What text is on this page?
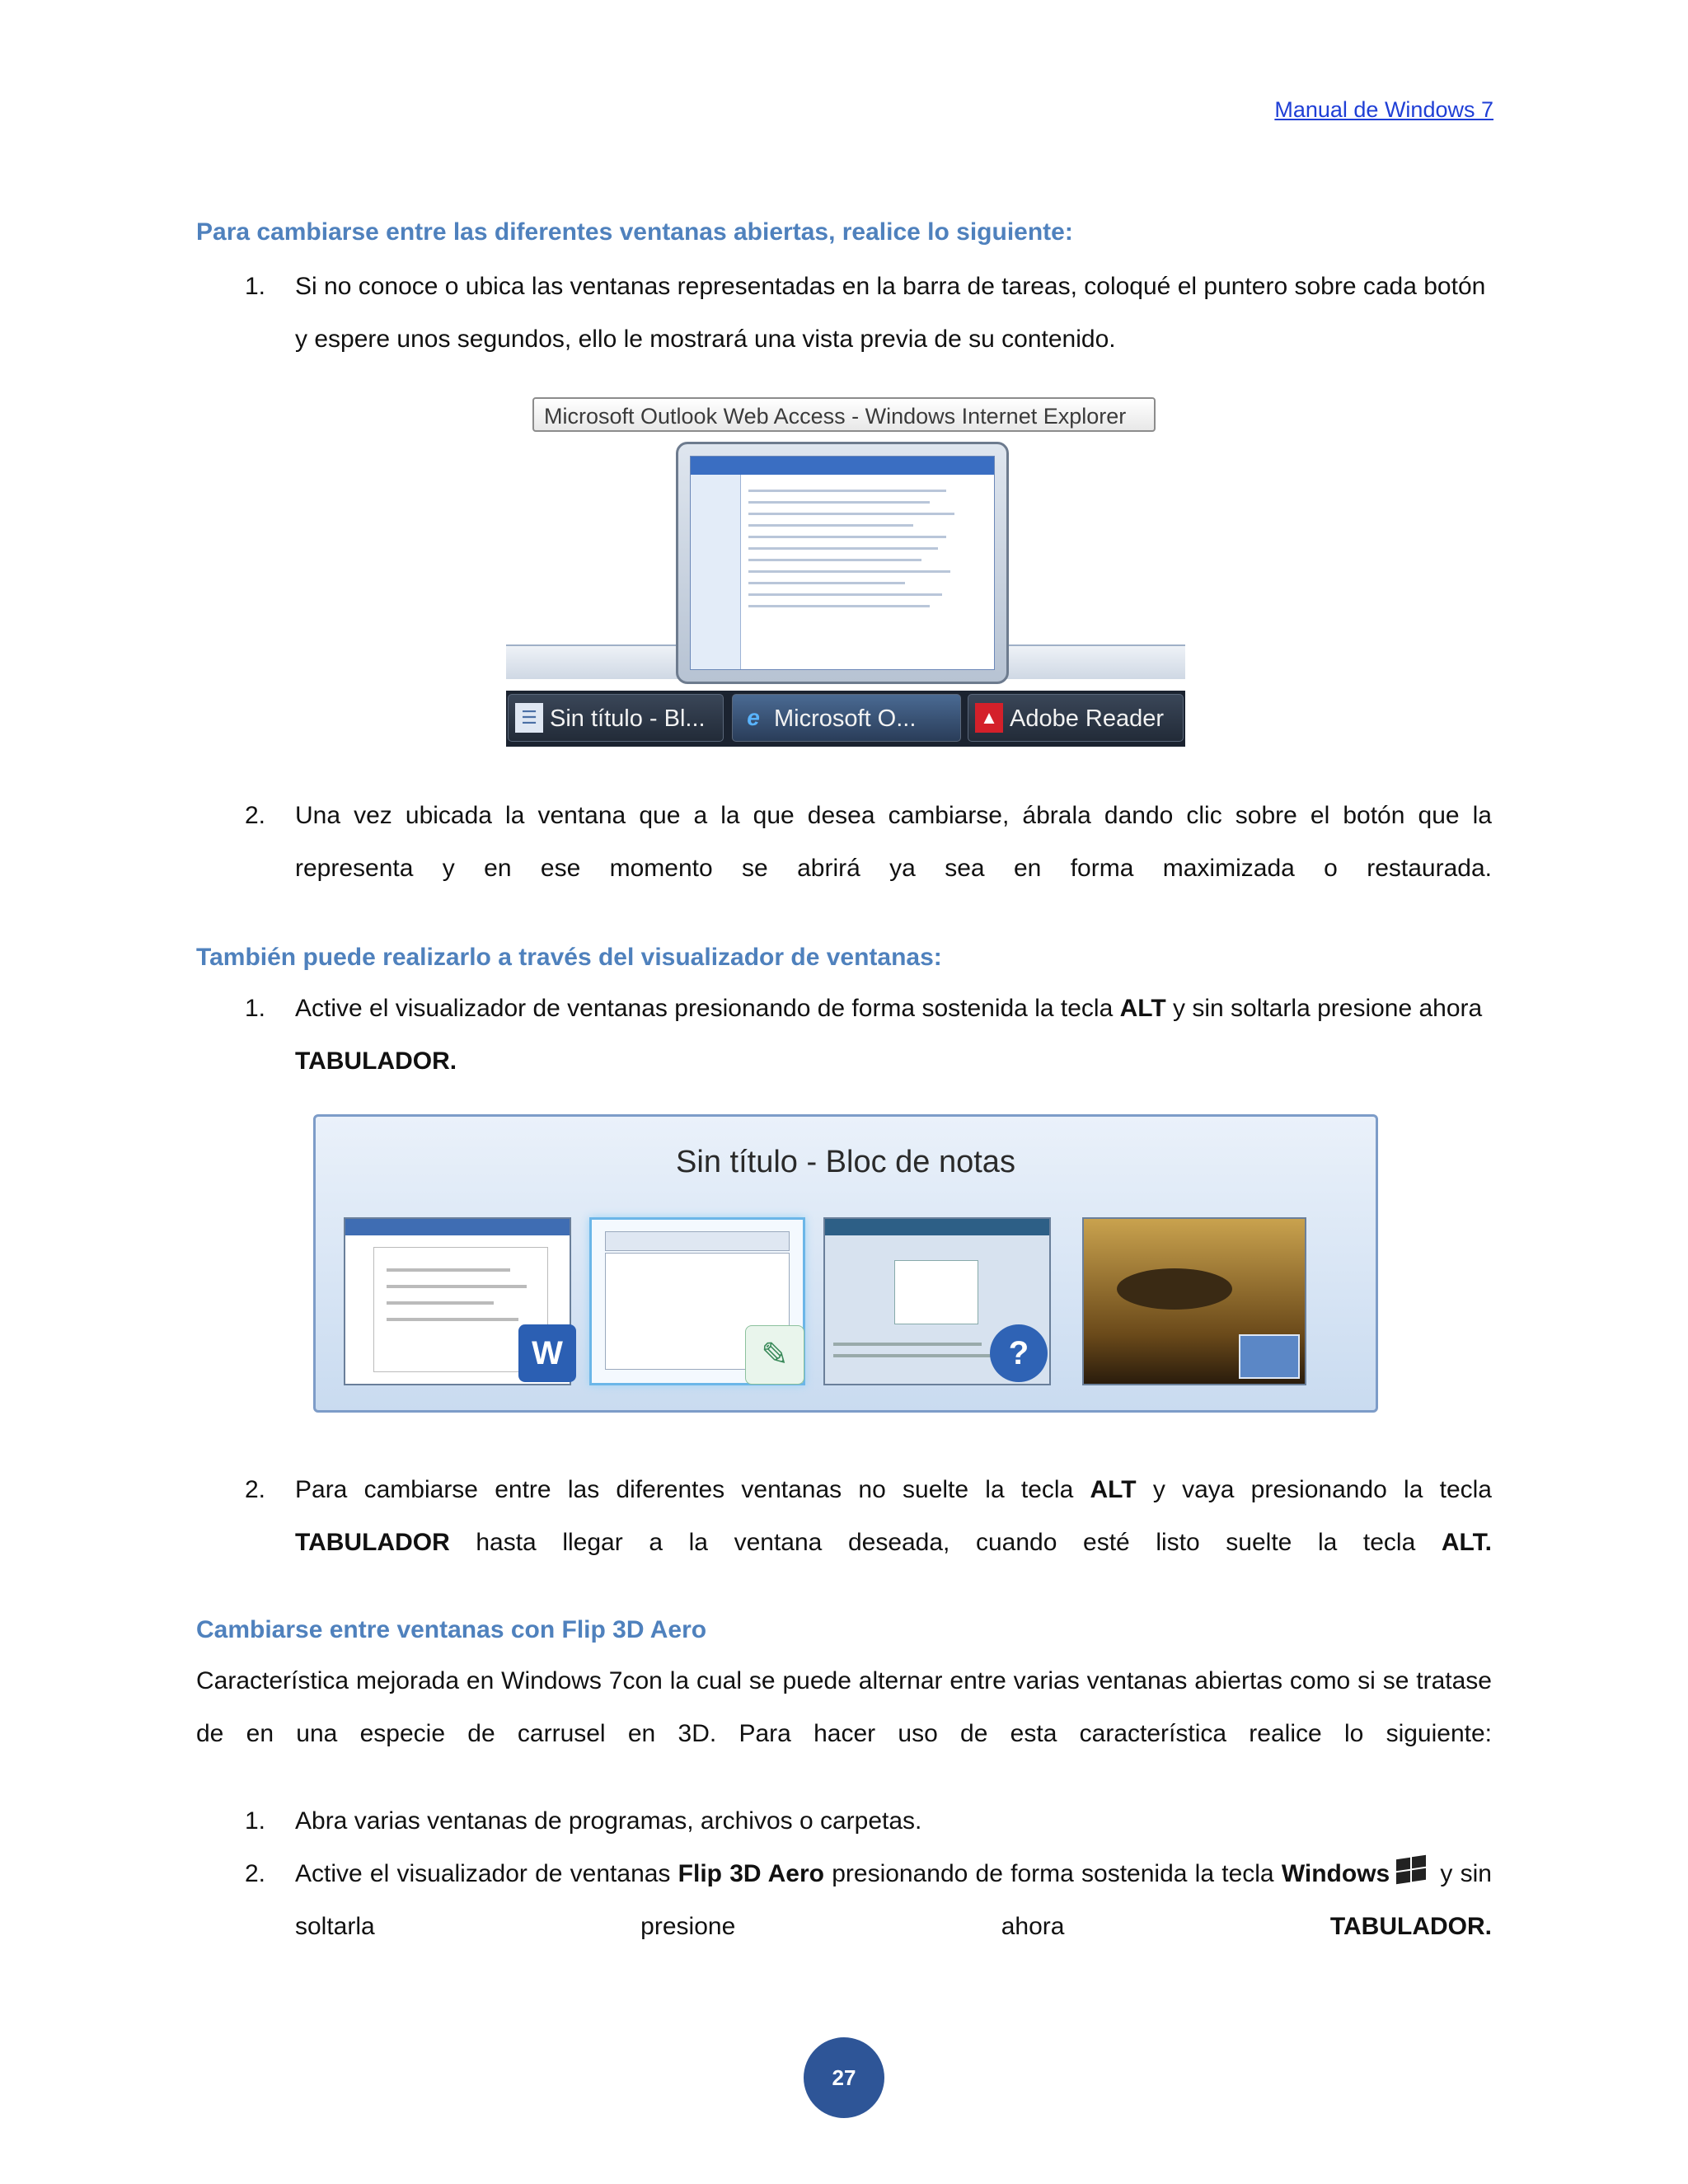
Manual de Windows 7
Para cambiarse entre las diferentes ventanas abiertas, realice lo siguiente:
1. Si no conoce o ubica las ventanas representadas en la barra de tareas, coloqué el puntero sobre cada botón y espere unos segundos, ello le mostrará una vista previa de su contenido.
Microsoft Outlook Web Access - Windows Internet Explorer
☰ Sin título - Bl...	e Microsoft O...	▲ Adobe Reader
2. Una vez ubicada la ventana que a la que desea cambiarse, ábrala dando clic sobre el botón que la representa y en ese momento se abrirá ya sea en forma maximizada o restaurada.
También puede realizarlo a través del visualizador de ventanas:
1. Active el visualizador de ventanas presionando de forma sostenida la tecla ALT y sin soltarla presione ahora TABULADOR.
Sin título - Bloc de notas
W	✎	?
2. Para cambiarse entre las diferentes ventanas no suelte la tecla ALT y vaya presionando la tecla TABULADOR hasta llegar a la ventana deseada, cuando esté listo suelte la tecla ALT.
Cambiarse entre ventanas con Flip 3D Aero
Característica mejorada en Windows 7con la cual se puede alternar entre varias ventanas abiertas como si se tratase de en una especie de carrusel en 3D. Para hacer uso de esta característica realice lo siguiente:
1. Abra varias ventanas de programas, archivos o carpetas.
2. Active el visualizador de ventanas Flip 3D Aero presionando de forma sostenida la tecla Windows
y sin soltarla presione ahora TABULADOR.
27
